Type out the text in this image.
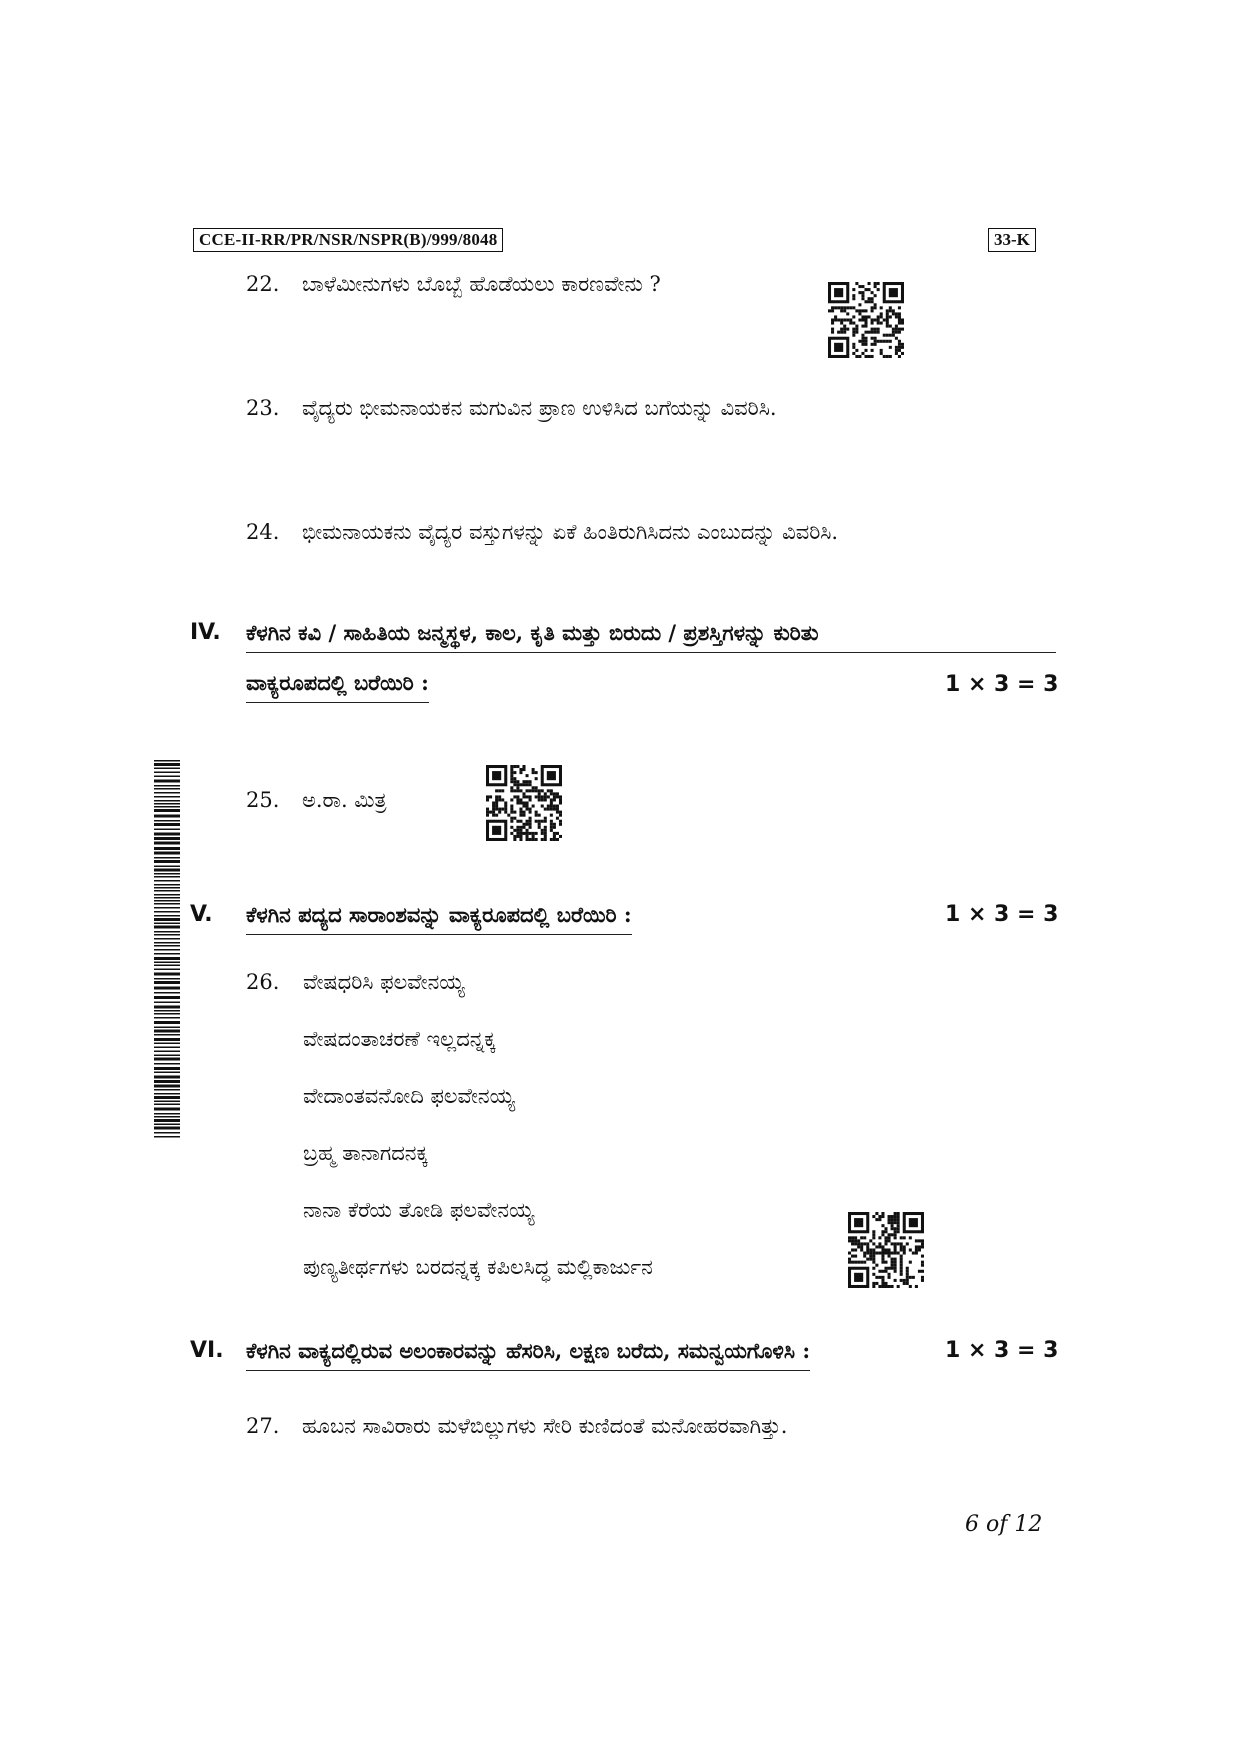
CCE-II-RR/PR/NSR/NSPR(B)/999/8048	33-K
22. ಬಾಳೆಮೀನುಗಳು ಬೊಬ್ಬೆ ಹೊಡೆಯಲು ಕಾರಣವೇನು ?
23. ವೈದ್ಯರು ಭೀಮನಾಯಕನ ಮಗುವಿನ ಪ್ರಾಣ ಉಳಿಸಿದ ಬಗೆಯನ್ನು ವಿವರಿಸಿ.
24. ಭೀಮನಾಯಕನು ವೈದ್ಯರ ವಸ್ತುಗಳನ್ನು ಏಕೆ ಹಿಂತಿರುಗಿಸಿದನು ಎಂಬುದನ್ನು ವಿವರಿಸಿ.
IV. ಕೆಳಗಿನ ಕವಿ / ಸಾಹಿತಿಯ ಜನ್ಮಸ್ಥಳ, ಕಾಲ, ಕೃತಿ ಮತ್ತು ಬಿರುದು / ಪ್ರಶಸ್ತಿಗಳನ್ನು ಕುರಿತು
ವಾಕ್ಯರೂಪದಲ್ಲಿ ಬರೆಯಿರಿ :	1 × 3 = 3
25. ಅ.ರಾ. ಮಿತ್ರ
V. ಕೆಳಗಿನ ಪದ್ಯದ ಸಾರಾಂಶವನ್ನು ವಾಕ್ಯರೂಪದಲ್ಲಿ ಬರೆಯಿರಿ :	1 × 3 = 3
26. ವೇಷಧರಿಸಿ ಫಲವೇನಯ್ಯ
ವೇಷದಂತಾಚರಣೆ ಇಲ್ಲದನ್ನಕ್ಕ
ವೇದಾಂತವನೋದಿ ಫಲವೇನಯ್ಯ
ಬ್ರಹ್ಮ ತಾನಾಗದನಕ್ಕ
ನಾನಾ ಕೆರೆಯ ತೋಡಿ ಫಲವೇನಯ್ಯ
ಪುಣ್ಯತೀರ್ಥಗಳು ಬರದನ್ನಕ್ಕ ಕಪಿಲಸಿದ್ಧ ಮಲ್ಲಿಕಾರ್ಜುನ
VI. ಕೆಳಗಿನ ವಾಕ್ಯದಲ್ಲಿರುವ ಅಲಂಕಾರವನ್ನು ಹೆಸರಿಸಿ, ಲಕ್ಷಣ ಬರೆದು, ಸಮನ್ವಯಗೊಳಿಸಿ :	1 × 3 = 3
27. ಹೂಬನ ಸಾವಿರಾರು ಮಳೆಬಿಲ್ಲುಗಳು ಸೇರಿ ಕುಣಿದಂತೆ ಮನೋಹರವಾಗಿತ್ತು.
6 of 12
